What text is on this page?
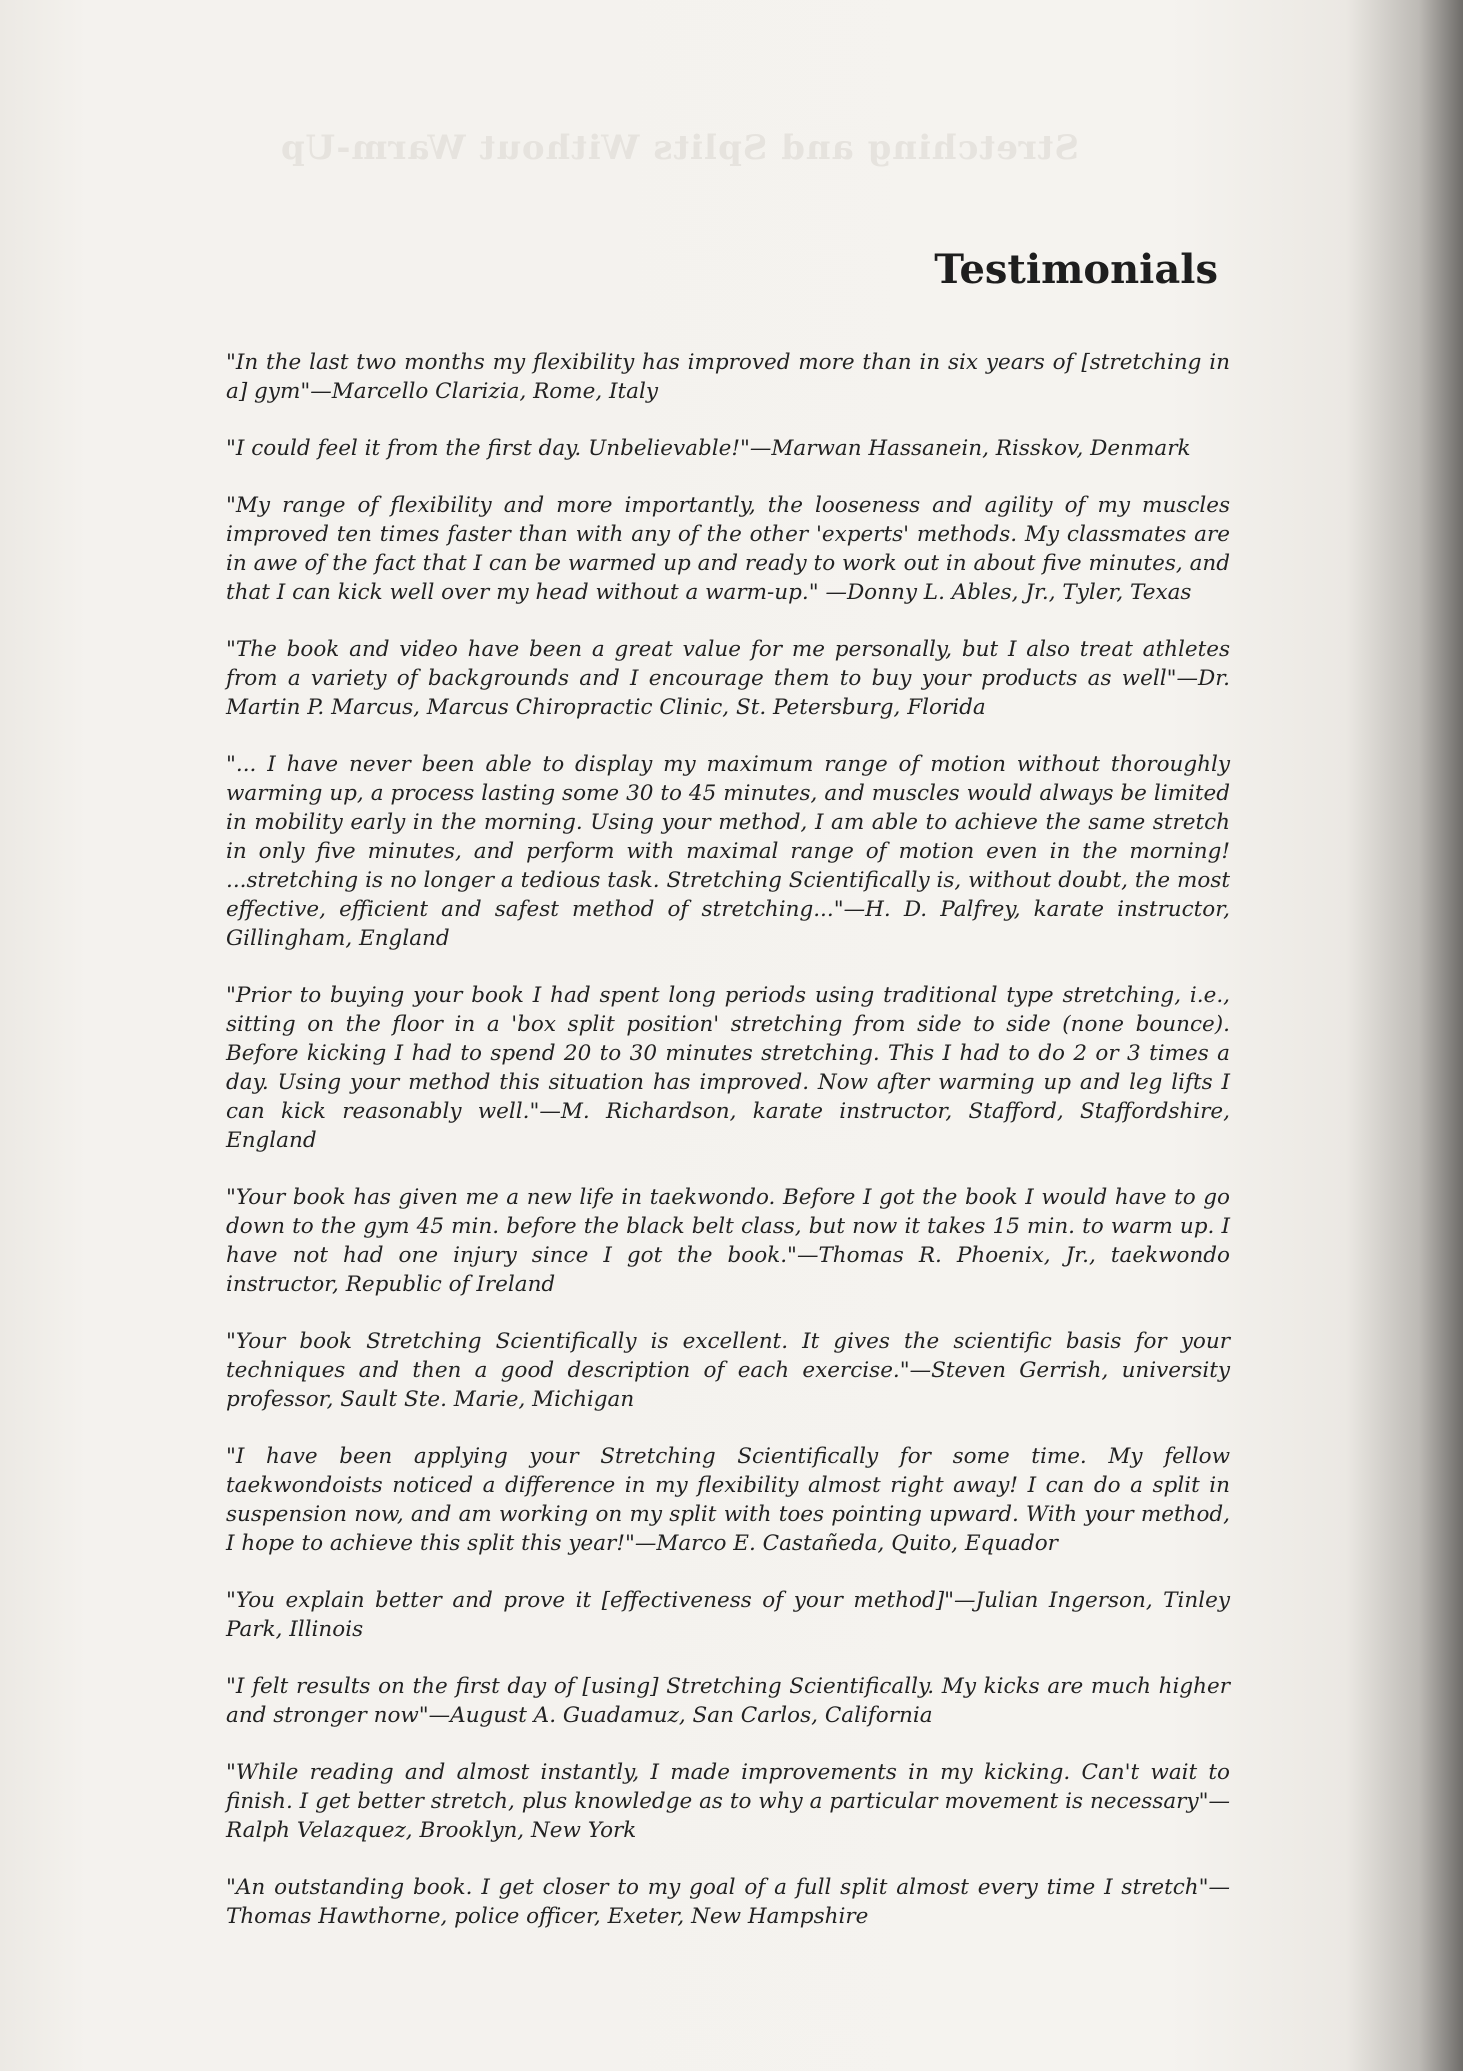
Stretching and Splits Without Warm-Up
Testimonials

"In the last two months my flexibility has improved more than in six years of [stretching in a] gym"—Marcello Clarizia, Rome, Italy

"I could feel it from the first day. Unbelievable!"—Marwan Hassanein, Risskov, Denmark

"My range of flexibility and more importantly, the looseness and agility of my muscles improved ten times faster than with any of the other 'experts' methods. My classmates are in awe of the fact that I can be warmed up and ready to work out in about five minutes, and that I can kick well over my head without a warm-up." —Donny L. Ables, Jr., Tyler, Texas

"The book and video have been a great value for me personally, but I also treat athletes from a variety of backgrounds and I encourage them to buy your products as well"—Dr. Martin P. Marcus, Marcus Chiropractic Clinic, St. Petersburg, Florida

"... I have never been able to display my maximum range of motion without thoroughly warming up, a process lasting some 30 to 45 minutes, and muscles would always be limited in mobility early in the morning. Using your method, I am able to achieve the same stretch in only five minutes, and perform with maximal range of motion even in the morning! ...stretching is no longer a tedious task. Stretching Scientifically is, without doubt, the most effective, efficient and safest method of stretching..."—H. D. Palfrey, karate instructor, Gillingham, England

"Prior to buying your book I had spent long periods using traditional type stretching, i.e., sitting on the floor in a 'box split position' stretching from side to side (none bounce). Before kicking I had to spend 20 to 30 minutes stretching. This I had to do 2 or 3 times a day. Using your method this situation has improved. Now after warming up and leg lifts I can kick reasonably well."—M. Richardson, karate instructor, Stafford, Staffordshire, England

"Your book has given me a new life in taekwondo. Before I got the book I would have to go down to the gym 45 min. before the black belt class, but now it takes 15 min. to warm up. I have not had one injury since I got the book."—Thomas R. Phoenix, Jr., taekwondo instructor, Republic of Ireland

"Your book Stretching Scientifically is excellent. It gives the scientific basis for your techniques and then a good description of each exercise."—Steven Gerrish, university professor, Sault Ste. Marie, Michigan

"I have been applying your Stretching Scientifically for some time. My fellow taekwondoists noticed a difference in my flexibility almost right away! I can do a split in suspension now, and am working on my split with toes pointing upward. With your method, I hope to achieve this split this year!"—Marco E. Castañeda, Quito, Equador

"You explain better and prove it [effectiveness of your method]"—Julian Ingerson, Tinley Park, Illinois

"I felt results on the first day of [using] Stretching Scientifically. My kicks are much higher and stronger now"—August A. Guadamuz, San Carlos, California

"While reading and almost instantly, I made improvements in my kicking. Can't wait to finish. I get better stretch, plus knowledge as to why a particular movement is necessary"—Ralph Velazquez, Brooklyn, New York

"An outstanding book. I get closer to my goal of a full split almost every time I stretch"—Thomas Hawthorne, police officer, Exeter, New Hampshire
